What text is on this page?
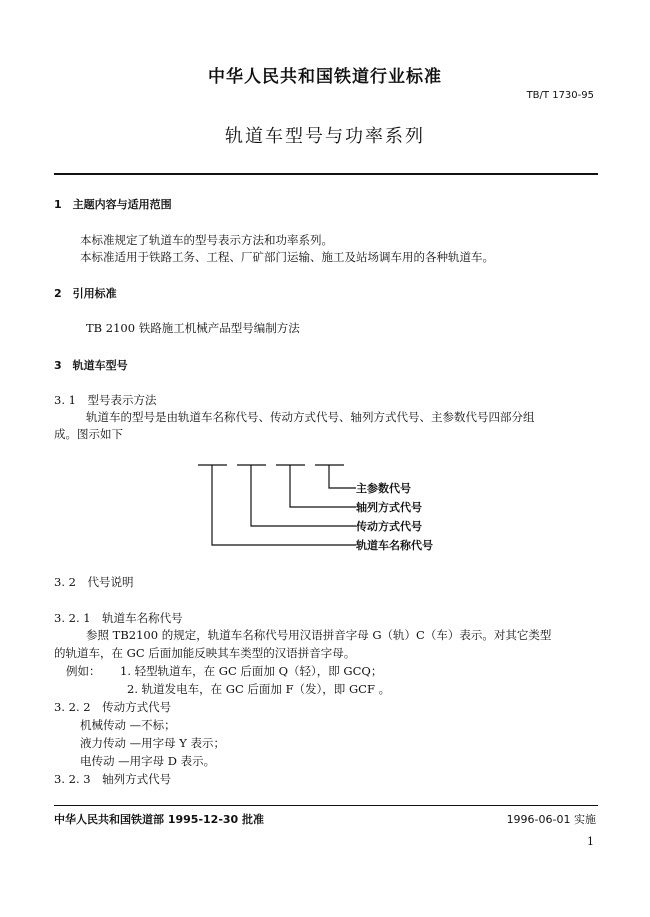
中华人民共和国铁道行业标准
TB/T 1730-95
轨道车型号与功率系列
1　主题内容与适用范围
本标准规定了轨道车的型号表示方法和功率系列。
本标准适用于铁路工务、工程、厂矿部门运输、施工及站场调车用的各种轨道车。
2　引用标准
TB 2100 铁路施工机械产品型号编制方法
3　轨道车型号
3. 1　型号表示方法
轨道车的型号是由轨道车名称代号、传动方式代号、轴列方式代号、主参数代号四部分组
成。图示如下
主参数代号
轴列方式代号
传动方式代号
轨道车名称代号
3. 2　代号说明
3. 2. 1　轨道车名称代号
参照 TB2100 的规定，轨道车名称代号用汉语拼音字母 G（轨）C（车）表示。对其它类型
的轨道车，在 GC 后面加能反映其车类型的汉语拼音字母。
例如： 1. 轻型轨道车，在 GC 后面加 Q（轻），即 GCQ；
2. 轨道发电车，在 GC 后面加 F（发），即 GCF 。
3. 2. 2　传动方式代号
机械传动 —不标；
液力传动 —用字母 Y 表示；
电传动 —用字母 D 表示。
3. 2. 3　轴列方式代号
中华人民共和国铁道部 1995-12-30 批准	1996-06-01 实施
1
